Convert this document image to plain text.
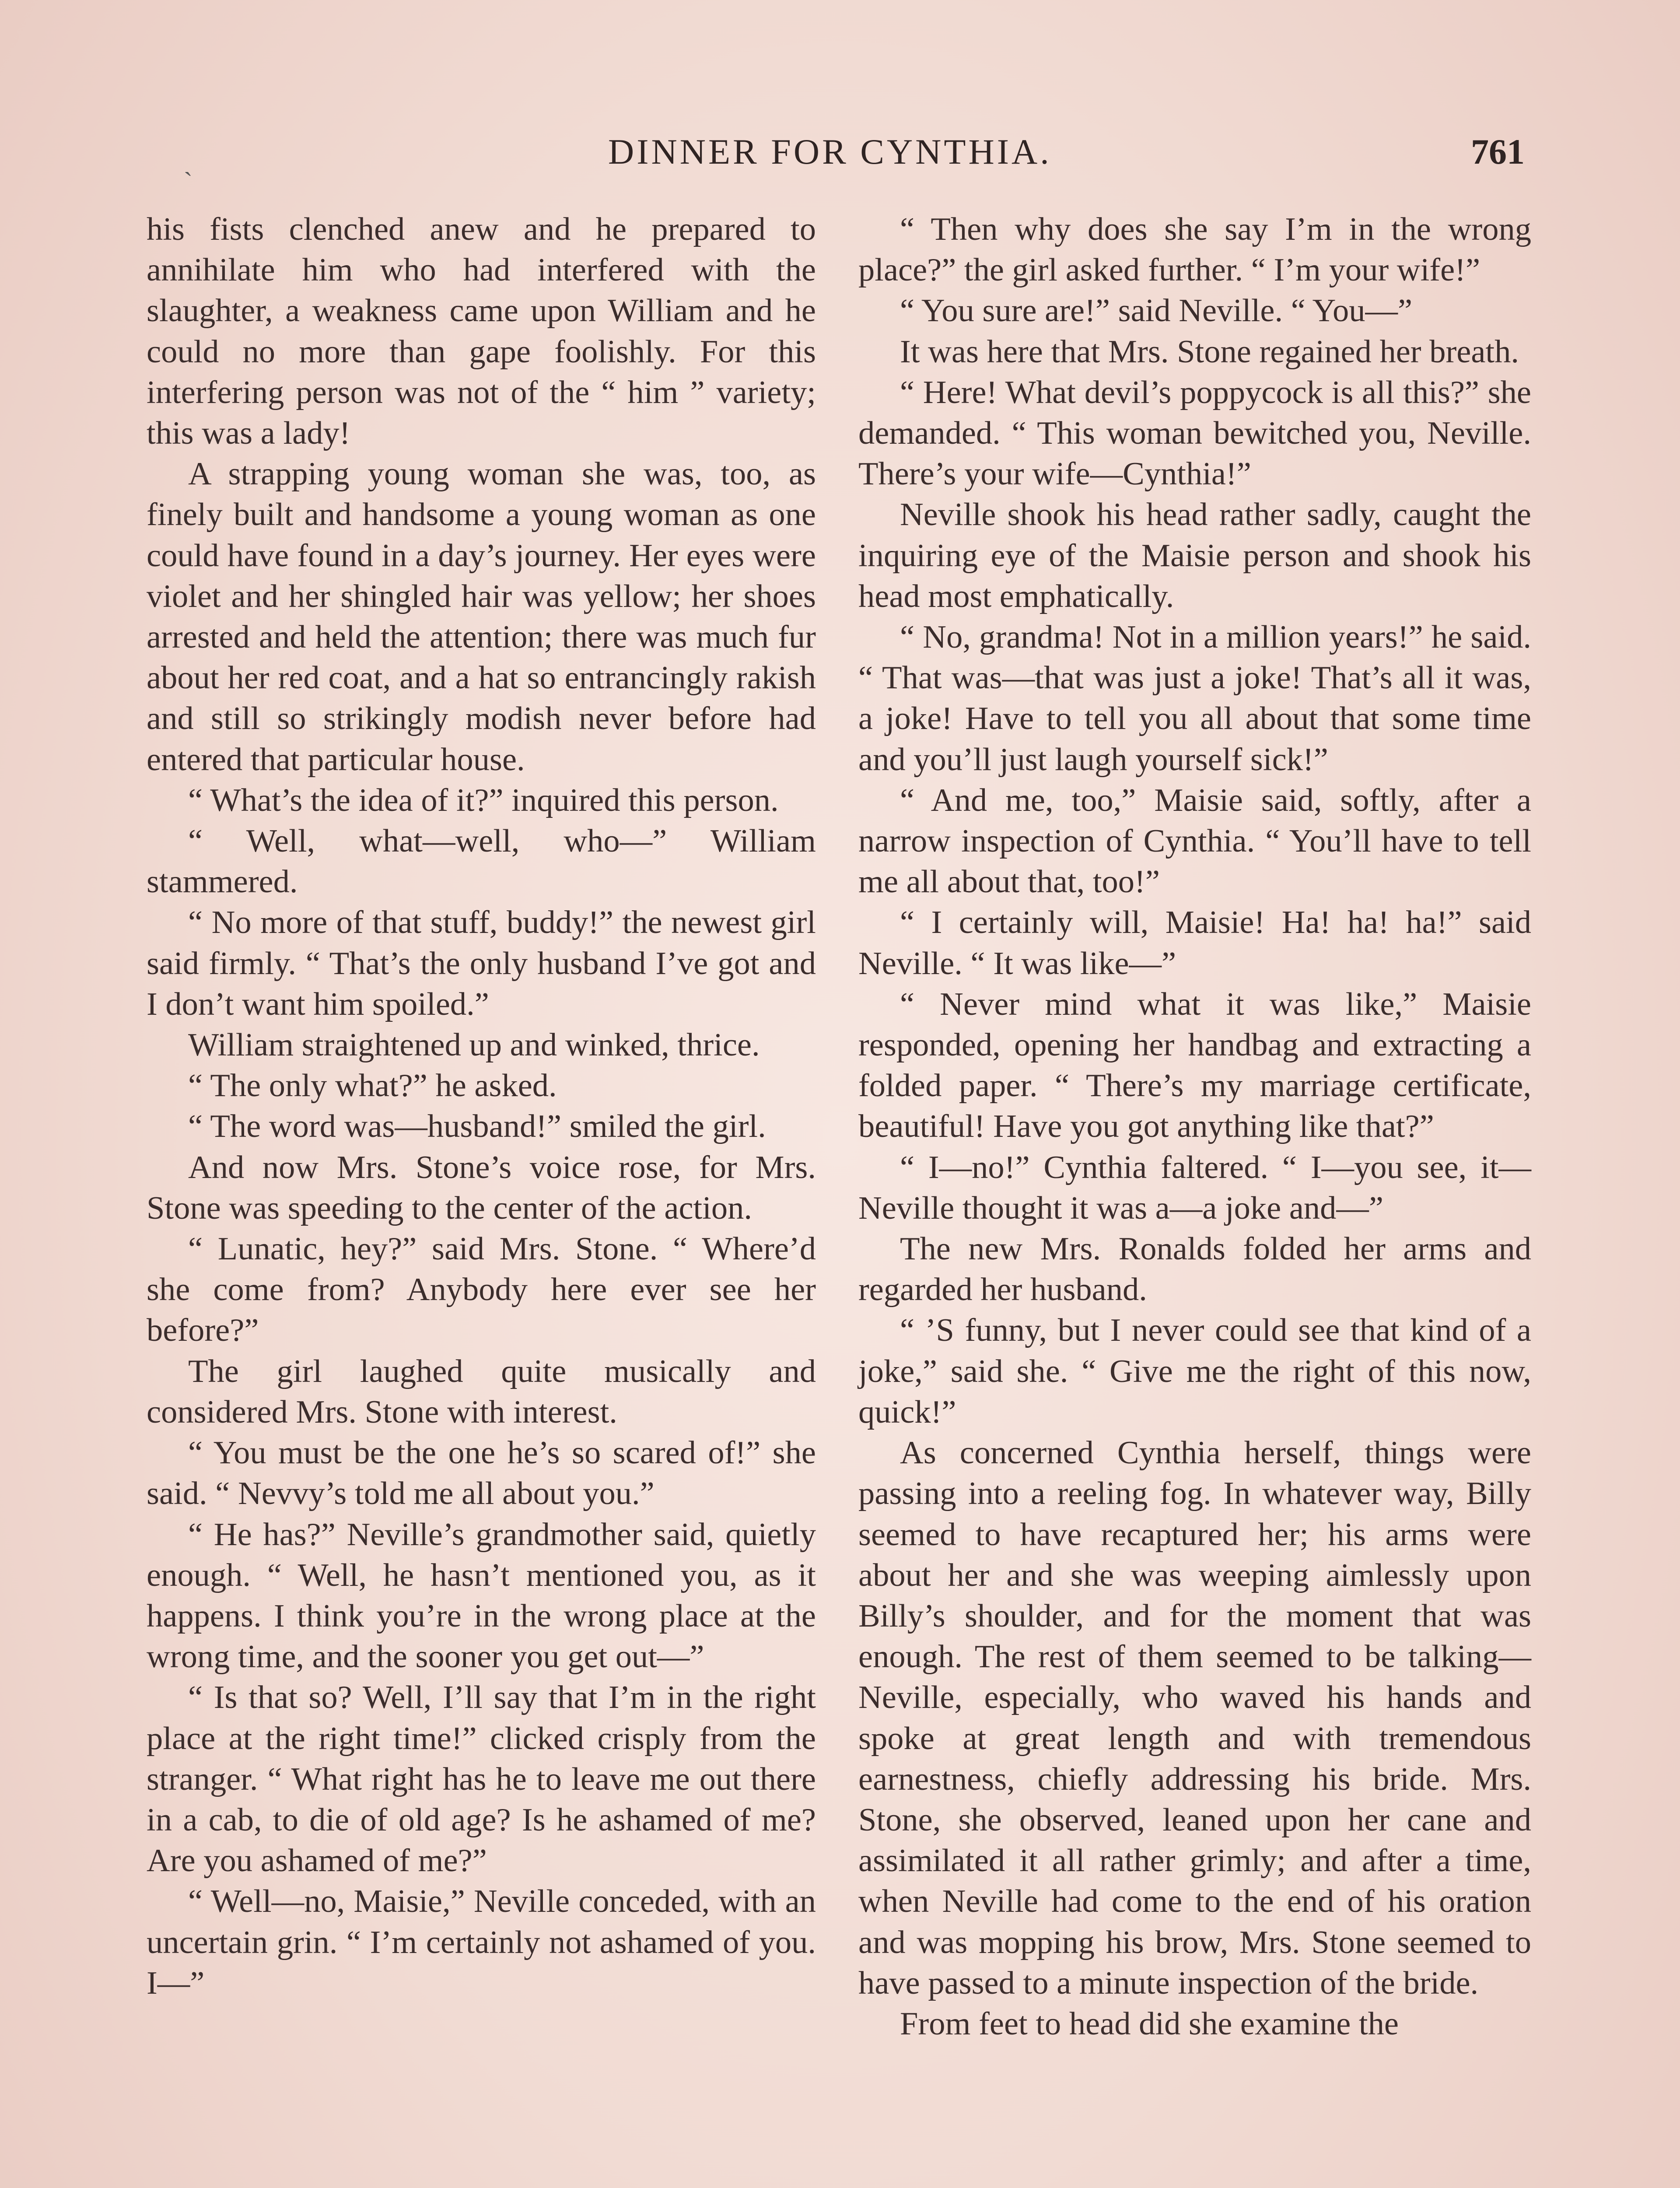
ˏ	DINNER FOR CYNTHIA.	761

his fists clenched anew and he prepared to annihilate him who had interfered with the slaughter, a weakness came upon William and he could no more than gape foolishly. For this interfering person was not of the “ him ” variety; this was a lady!

A strapping young woman she was, too, as finely built and handsome a young woman as one could have found in a day’s journey. Her eyes were violet and her shingled hair was yellow; her shoes arrested and held the attention; there was much fur about her red coat, and a hat so entrancingly rakish and still so strikingly modish never before had entered that particular house.

“ What’s the idea of it?” inquired this person.

“ Well, what—well, who—” William stammered.

“ No more of that stuff, buddy!” the newest girl said firmly. “ That’s the only husband I’ve got and I don’t want him spoiled.”

William straightened up and winked, thrice.

“ The only what?” he asked.

“ The word was—husband!” smiled the girl.

And now Mrs. Stone’s voice rose, for Mrs. Stone was speeding to the center of the action.

“ Lunatic, hey?” said Mrs. Stone. “ Where’d she come from? Anybody here ever see her before?”

The girl laughed quite musically and considered Mrs. Stone with interest.

“ You must be the one he’s so scared of!” she said. “ Nevvy’s told me all about you.”

“ He has?” Neville’s grandmother said, quietly enough. “ Well, he hasn’t mentioned you, as it happens. I think you’re in the wrong place at the wrong time, and the sooner you get out—”

“ Is that so? Well, I’ll say that I’m in the right place at the right time!” clicked crisply from the stranger. “ What right has he to leave me out there in a cab, to die of old age? Is he ashamed of me? Are you ashamed of me?”

“ Well—no, Maisie,” Neville conceded, with an uncertain grin. “ I’m certainly not ashamed of you. I—”

“ Then why does she say I’m in the wrong place?” the girl asked further. “ I’m your wife!”

“ You sure are!” said Neville. “ You—”

It was here that Mrs. Stone regained her breath.

“ Here! What devil’s poppycock is all this?” she demanded. “ This woman bewitched you, Neville. There’s your wife—Cynthia!”

Neville shook his head rather sadly, caught the inquiring eye of the Maisie person and shook his head most emphatically.

“ No, grandma! Not in a million years!” he said. “ That was—that was just a joke! That’s all it was, a joke! Have to tell you all about that some time and you’ll just laugh yourself sick!”

“ And me, too,” Maisie said, softly, after a narrow inspection of Cynthia. “ You’ll have to tell me all about that, too!”

“ I certainly will, Maisie! Ha! ha! ha!” said Neville. “ It was like—”

“ Never mind what it was like,” Maisie responded, opening her handbag and extracting a folded paper. “ There’s my marriage certificate, beautiful! Have you got anything like that?”

“ I—no!” Cynthia faltered. “ I—you see, it—Neville thought it was a—a joke and—”

The new Mrs. Ronalds folded her arms and regarded her husband.

“ ’S funny, but I never could see that kind of a joke,” said she. “ Give me the right of this now, quick!”

As concerned Cynthia herself, things were passing into a reeling fog. In whatever way, Billy seemed to have recaptured her; his arms were about her and she was weeping aimlessly upon Billy’s shoulder, and for the moment that was enough. The rest of them seemed to be talking—Neville, especially, who waved his hands and spoke at great length and with tremendous earnestness, chiefly addressing his bride. Mrs. Stone, she observed, leaned upon her cane and assimilated it all rather grimly; and after a time, when Neville had come to the end of his oration and was mopping his brow, Mrs. Stone seemed to have passed to a minute inspection of the bride.

From feet to head did she examine the
